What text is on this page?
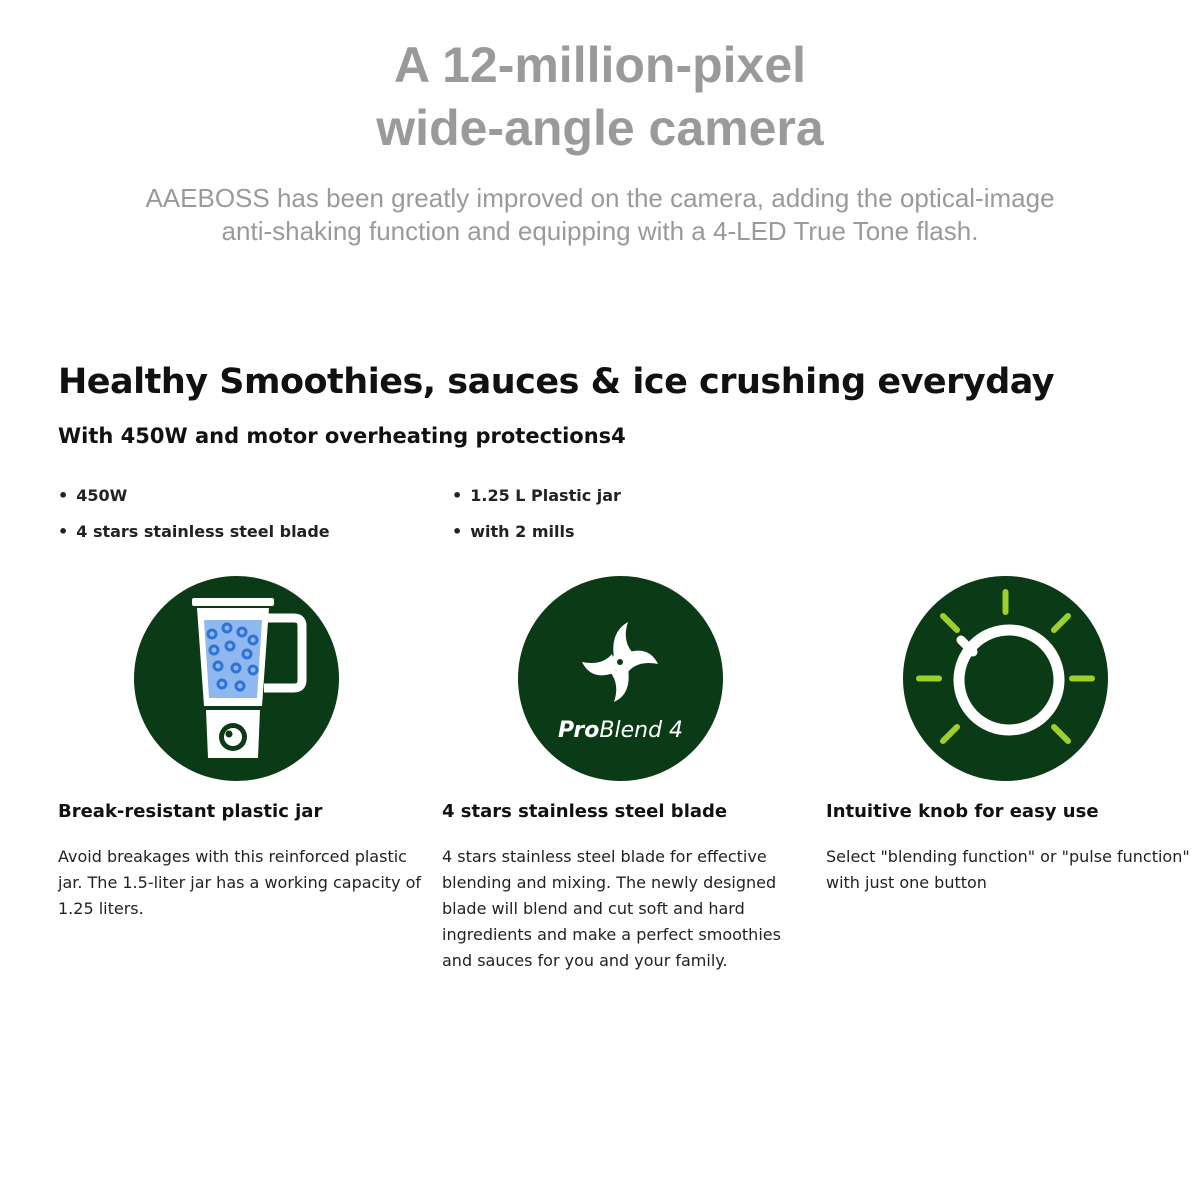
A 12-million-pixel
wide-angle camera

AAEBOSS has been greatly improved on the camera, adding the optical-image
anti-shaking function and equipping with a 4-LED True Tone flash.

Healthy Smoothies, sauces & ice crushing everyday
With 450W and motor overheating protections4
• 450W
• 4 stars stainless steel blade
• 1.25 L Plastic jar
• with 2 mills
ProBlend 4
Break-resistant plastic jar

Avoid breakages with this reinforced plastic jar. The 1.5-liter jar has a working capacity of 1.25 liters.

4 stars stainless steel blade

4 stars stainless steel blade for effective blending and mixing. The newly designed blade will blend and cut soft and hard ingredients and make a perfect smoothies and sauces for you and your family.

Intuitive knob for easy use

Select "blending function" or "pulse function" with just one button
